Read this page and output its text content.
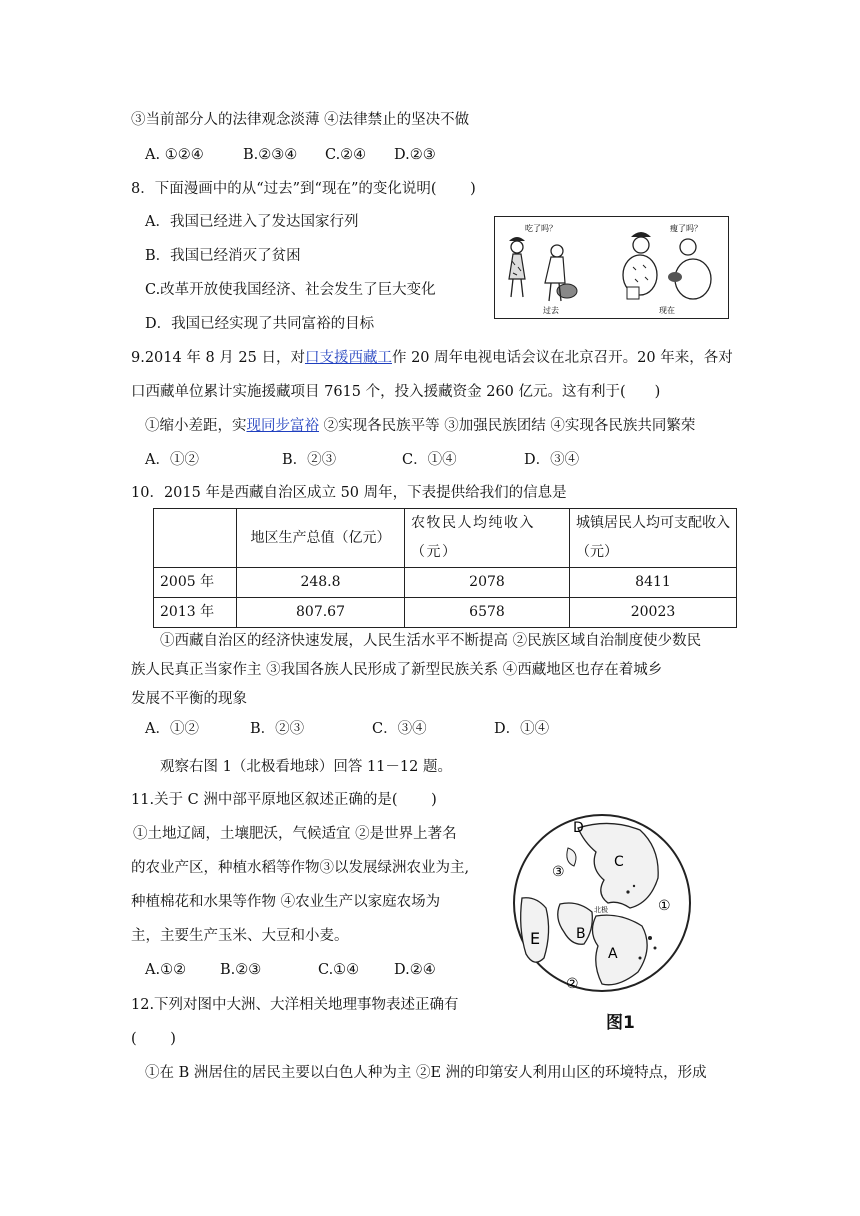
③当前部分人的法律观念淡薄 ④法律禁止的坚决不做
A. ①②④	B.②③④ C.②④ D.②③
8．下面漫画中的从“过去”到“现在”的变化说明(　　 )
A．我国已经进入了发达国家行列
B．我国已经消灭了贫困
C.改革开放使我国经济、社会发生了巨大变化
D．我国已经实现了共同富裕的目标
吃了吗？	瘦了吗？
过去	现在
9.2014 年 8 月 25 日，对口支援西藏工作 20 周年电视电话会议在北京召开。20 年来，各对
口西藏单位累计实施援藏项目 7615 个，投入援藏资金 260 亿元。这有利于(　　)
①缩小差距，实现同步富裕 ②实现各民族平等 ③加强民族团结 ④实现各民族共同繁荣
A．①②	B．②③	C．①④	D．③④
10．2015 年是西藏自治区成立 50 周年，下表提供给我们的信息是
	地区生产总值（亿元）	农牧民人均纯收入（元）	城镇居民人均可支配收入（元）
2005 年	248.8	2078	8411
2013 年	807.67	6578	20023
①西藏自治区的经济快速发展，人民生活水平不断提高 ②民族区域自治制度使少数民
族人民真正当家作主 ③我国各族人民形成了新型民族关系 ④西藏地区也存在着城乡
发展不平衡的现象
A．①②	B．②③	C．③④	D．①④
观察右图 1（北极看地球）回答 11－12 题。
11.关于 C 洲中部平原地区叙述正确的是(　　 )
①土地辽阔，土壤肥沃，气候适宜 ②是世界上著名
的农业产区，种植水稻等作物③以发展绿洲农业为主,
种植棉花和水果等作物 ④农业生产以家庭农场为
主，主要生产玉米、大豆和小麦。
A.①② B.②③	C.①④ D.②④
12.下列对图中大洲、大洋相关地理事物表述正确有
(　　 )
①在 B 洲居住的居民主要以白色人种为主 ②E 洲的印第安人利用山区的环境特点，形成
D
C
③
①
北极
B
A
E
②
图1
